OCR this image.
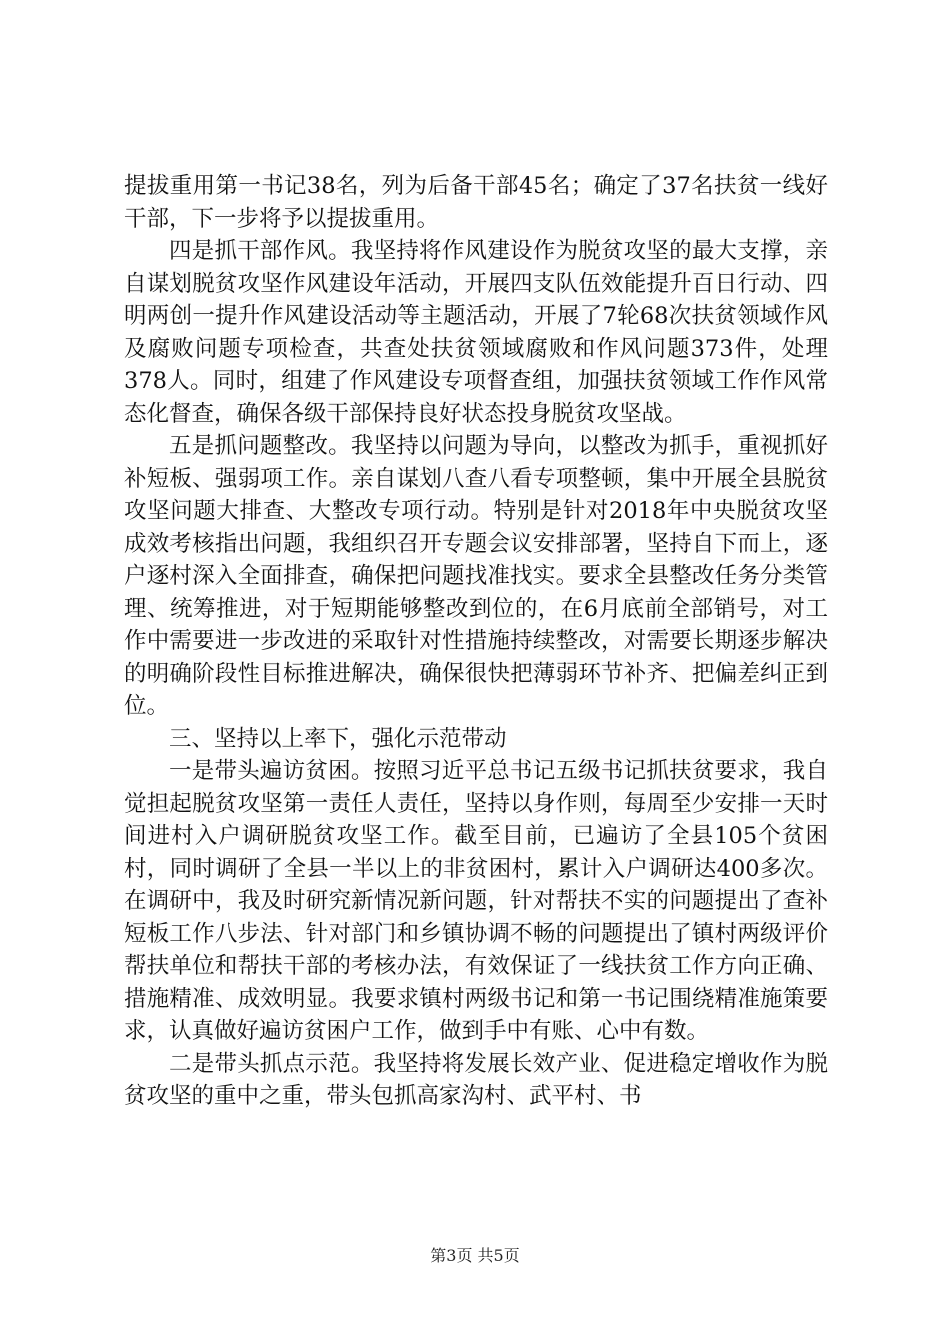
提拔重用第一书记38名，列为后备干部45名；确定了37名扶贫一线好干部，下一步将予以提拔重用。

四是抓干部作风。我坚持将作风建设作为脱贫攻坚的最大支撑，亲自谋划脱贫攻坚作风建设年活动，开展四支队伍效能提升百日行动、四明两创一提升作风建设活动等主题活动，开展了7轮68次扶贫领域作风及腐败问题专项检查，共查处扶贫领域腐败和作风问题373件，处理378人。同时，组建了作风建设专项督查组，加强扶贫领域工作作风常态化督查，确保各级干部保持良好状态投身脱贫攻坚战。

五是抓问题整改。我坚持以问题为导向，以整改为抓手，重视抓好补短板、强弱项工作。亲自谋划八查八看专项整顿，集中开展全县脱贫攻坚问题大排查、大整改专项行动。特别是针对2018年中央脱贫攻坚成效考核指出问题，我组织召开专题会议安排部署，坚持自下而上，逐户逐村深入全面排查，确保把问题找准找实。要求全县整改任务分类管理、统筹推进，对于短期能够整改到位的，在6月底前全部销号，对工作中需要进一步改进的采取针对性措施持续整改，对需要长期逐步解决的明确阶段性目标推进解决，确保很快把薄弱环节补齐、把偏差纠正到位。

三、坚持以上率下，强化示范带动

一是带头遍访贫困。按照习近平总书记五级书记抓扶贫要求，我自觉担起脱贫攻坚第一责任人责任，坚持以身作则，每周至少安排一天时间进村入户调研脱贫攻坚工作。截至目前，已遍访了全县105个贫困村，同时调研了全县一半以上的非贫困村，累计入户调研达400多次。在调研中，我及时研究新情况新问题，针对帮扶不实的问题提出了查补短板工作八步法、针对部门和乡镇协调不畅的问题提出了镇村两级评价帮扶单位和帮扶干部的考核办法，有效保证了一线扶贫工作方向正确、措施精准、成效明显。我要求镇村两级书记和第一书记围绕精准施策要求，认真做好遍访贫困户工作，做到手中有账、心中有数。

二是带头抓点示范。我坚持将发展长效产业、促进稳定增收作为脱贫攻坚的重中之重，带头包抓高家沟村、武平村、书

第3页 共5页
